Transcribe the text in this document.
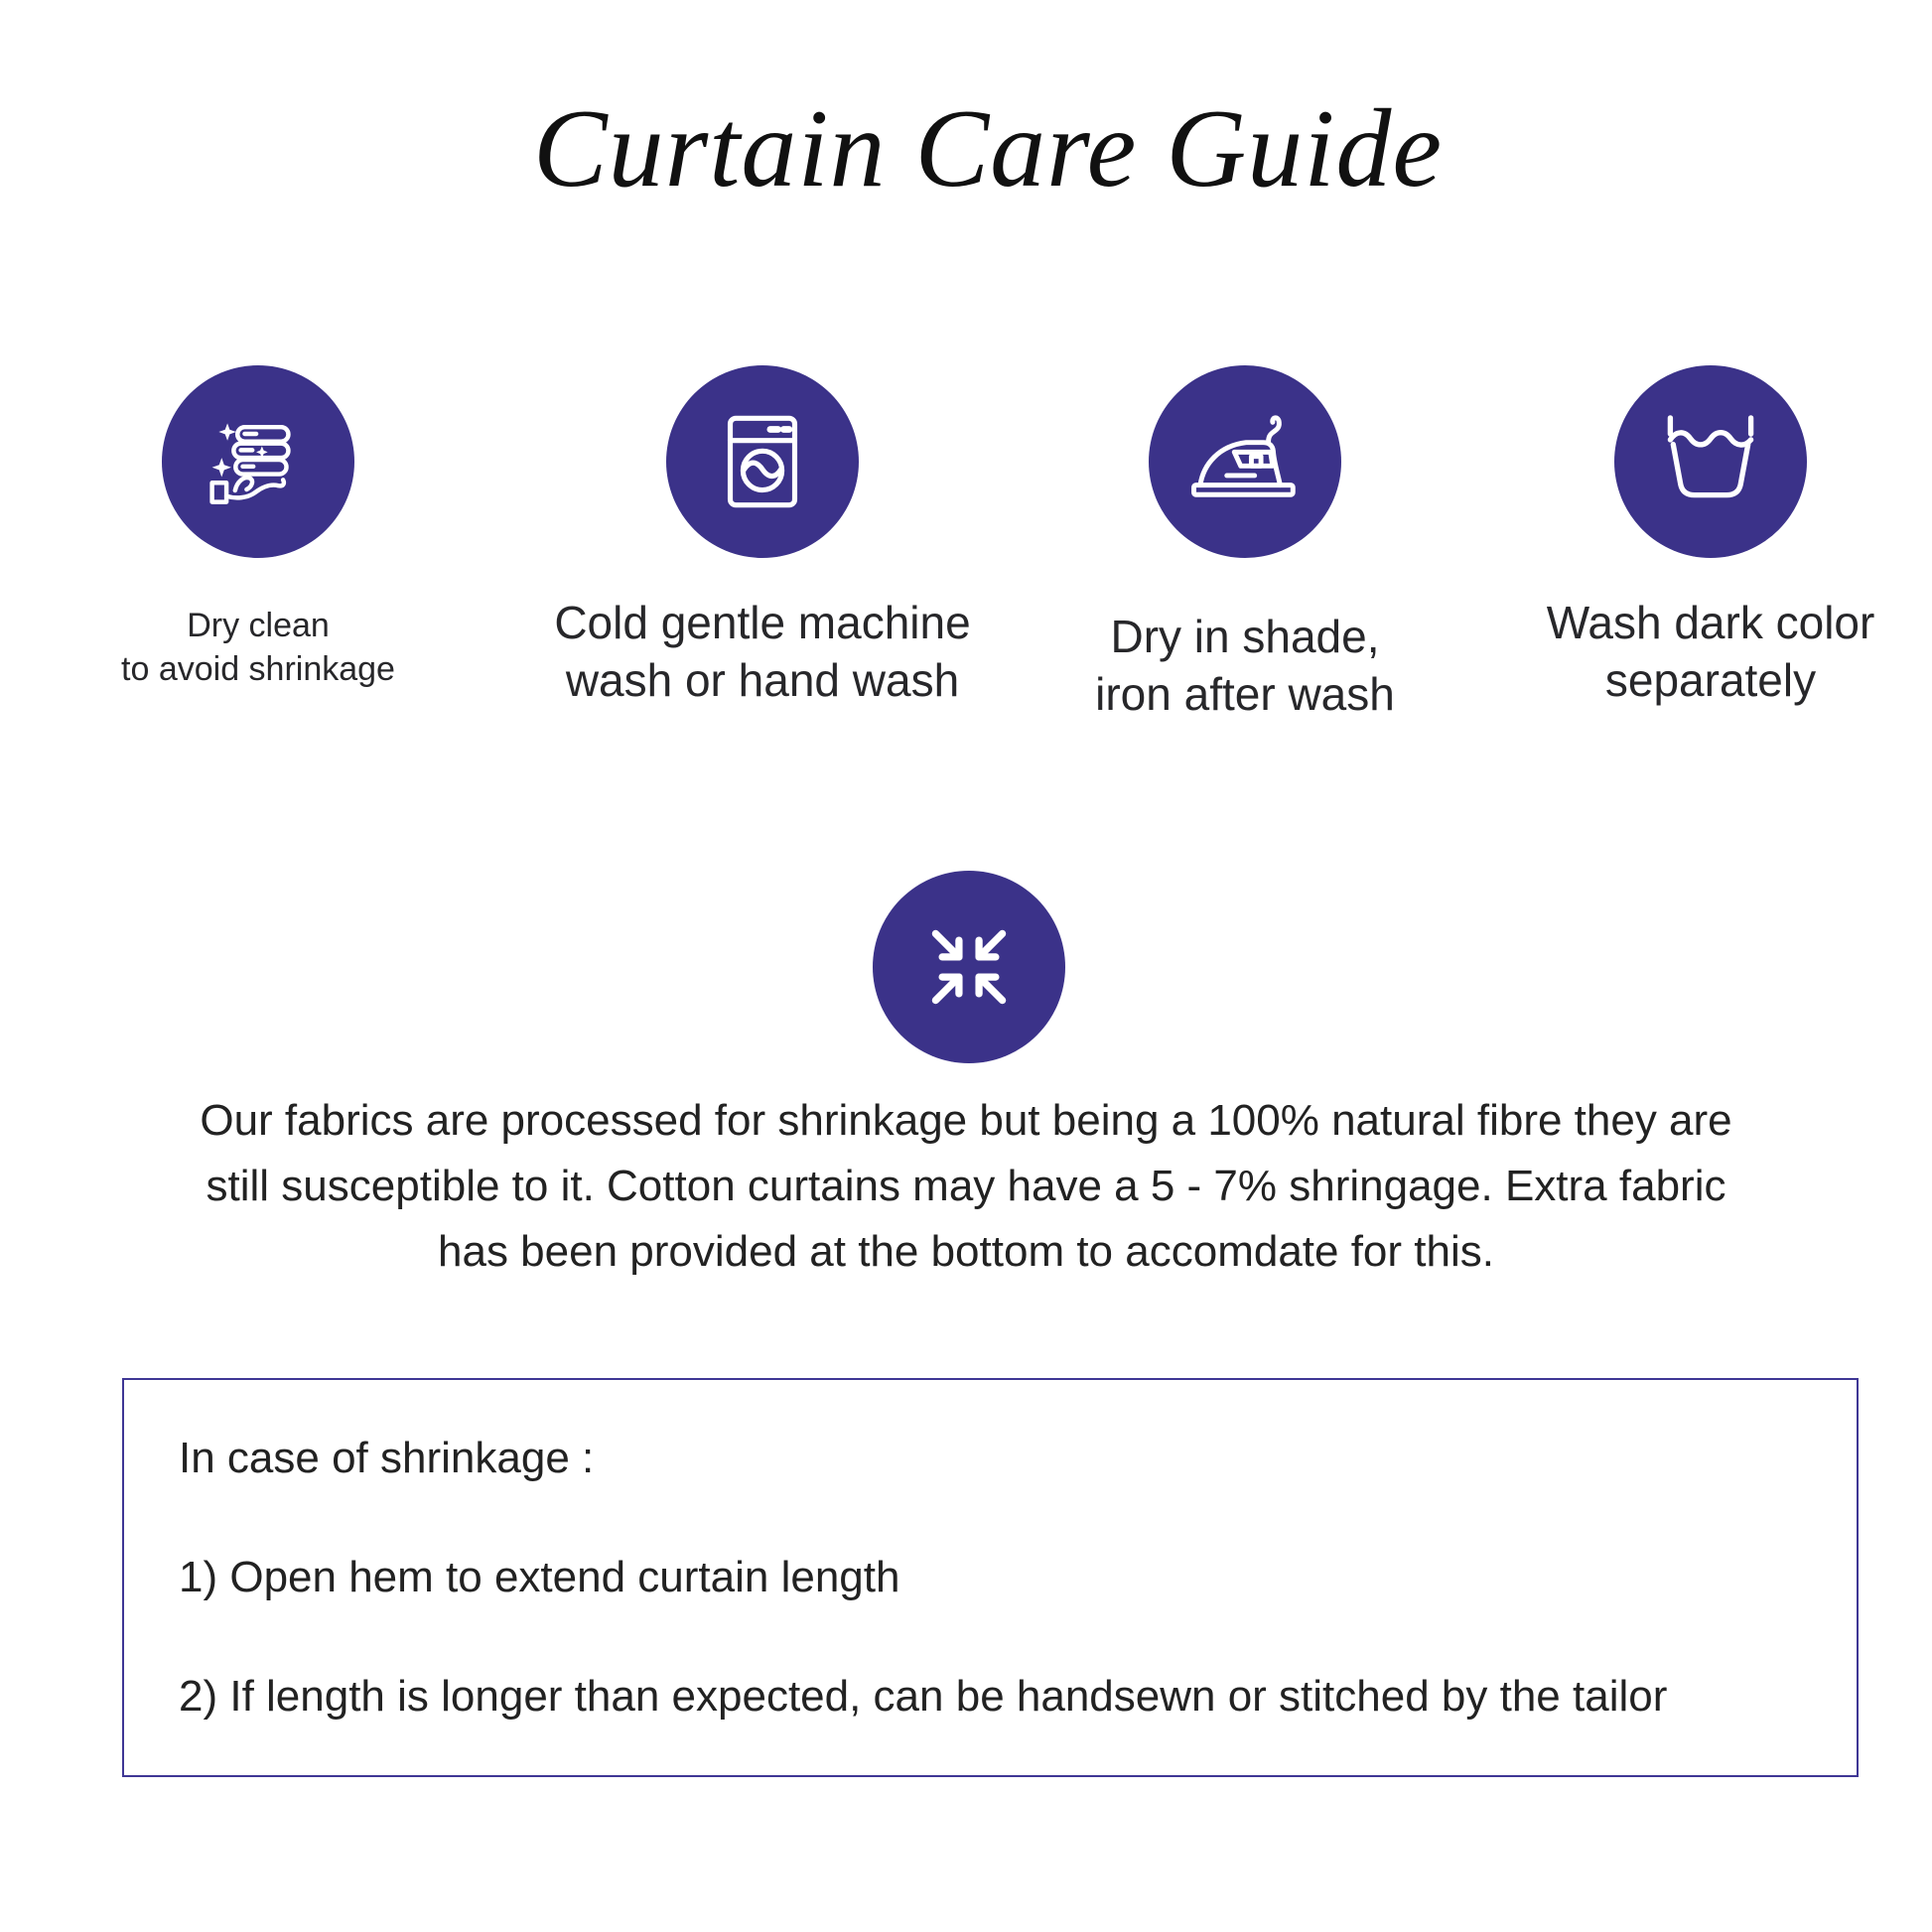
Curtain Care Guide
Dry clean
to avoid shrinkage
Cold gentle machine
wash or hand wash
Dry in shade,
iron after wash
Wash dark color
separately
Our fabrics are processed for shrinkage but being a 100% natural fibre they are
still susceptible to it. Cotton curtains may have a 5 - 7% shringage. Extra fabric
has been provided at the bottom to accomdate for this.
In case of shrinkage :
1) Open hem to extend curtain length
2) If length is longer than expected, can be handsewn or stitched by the tailor
